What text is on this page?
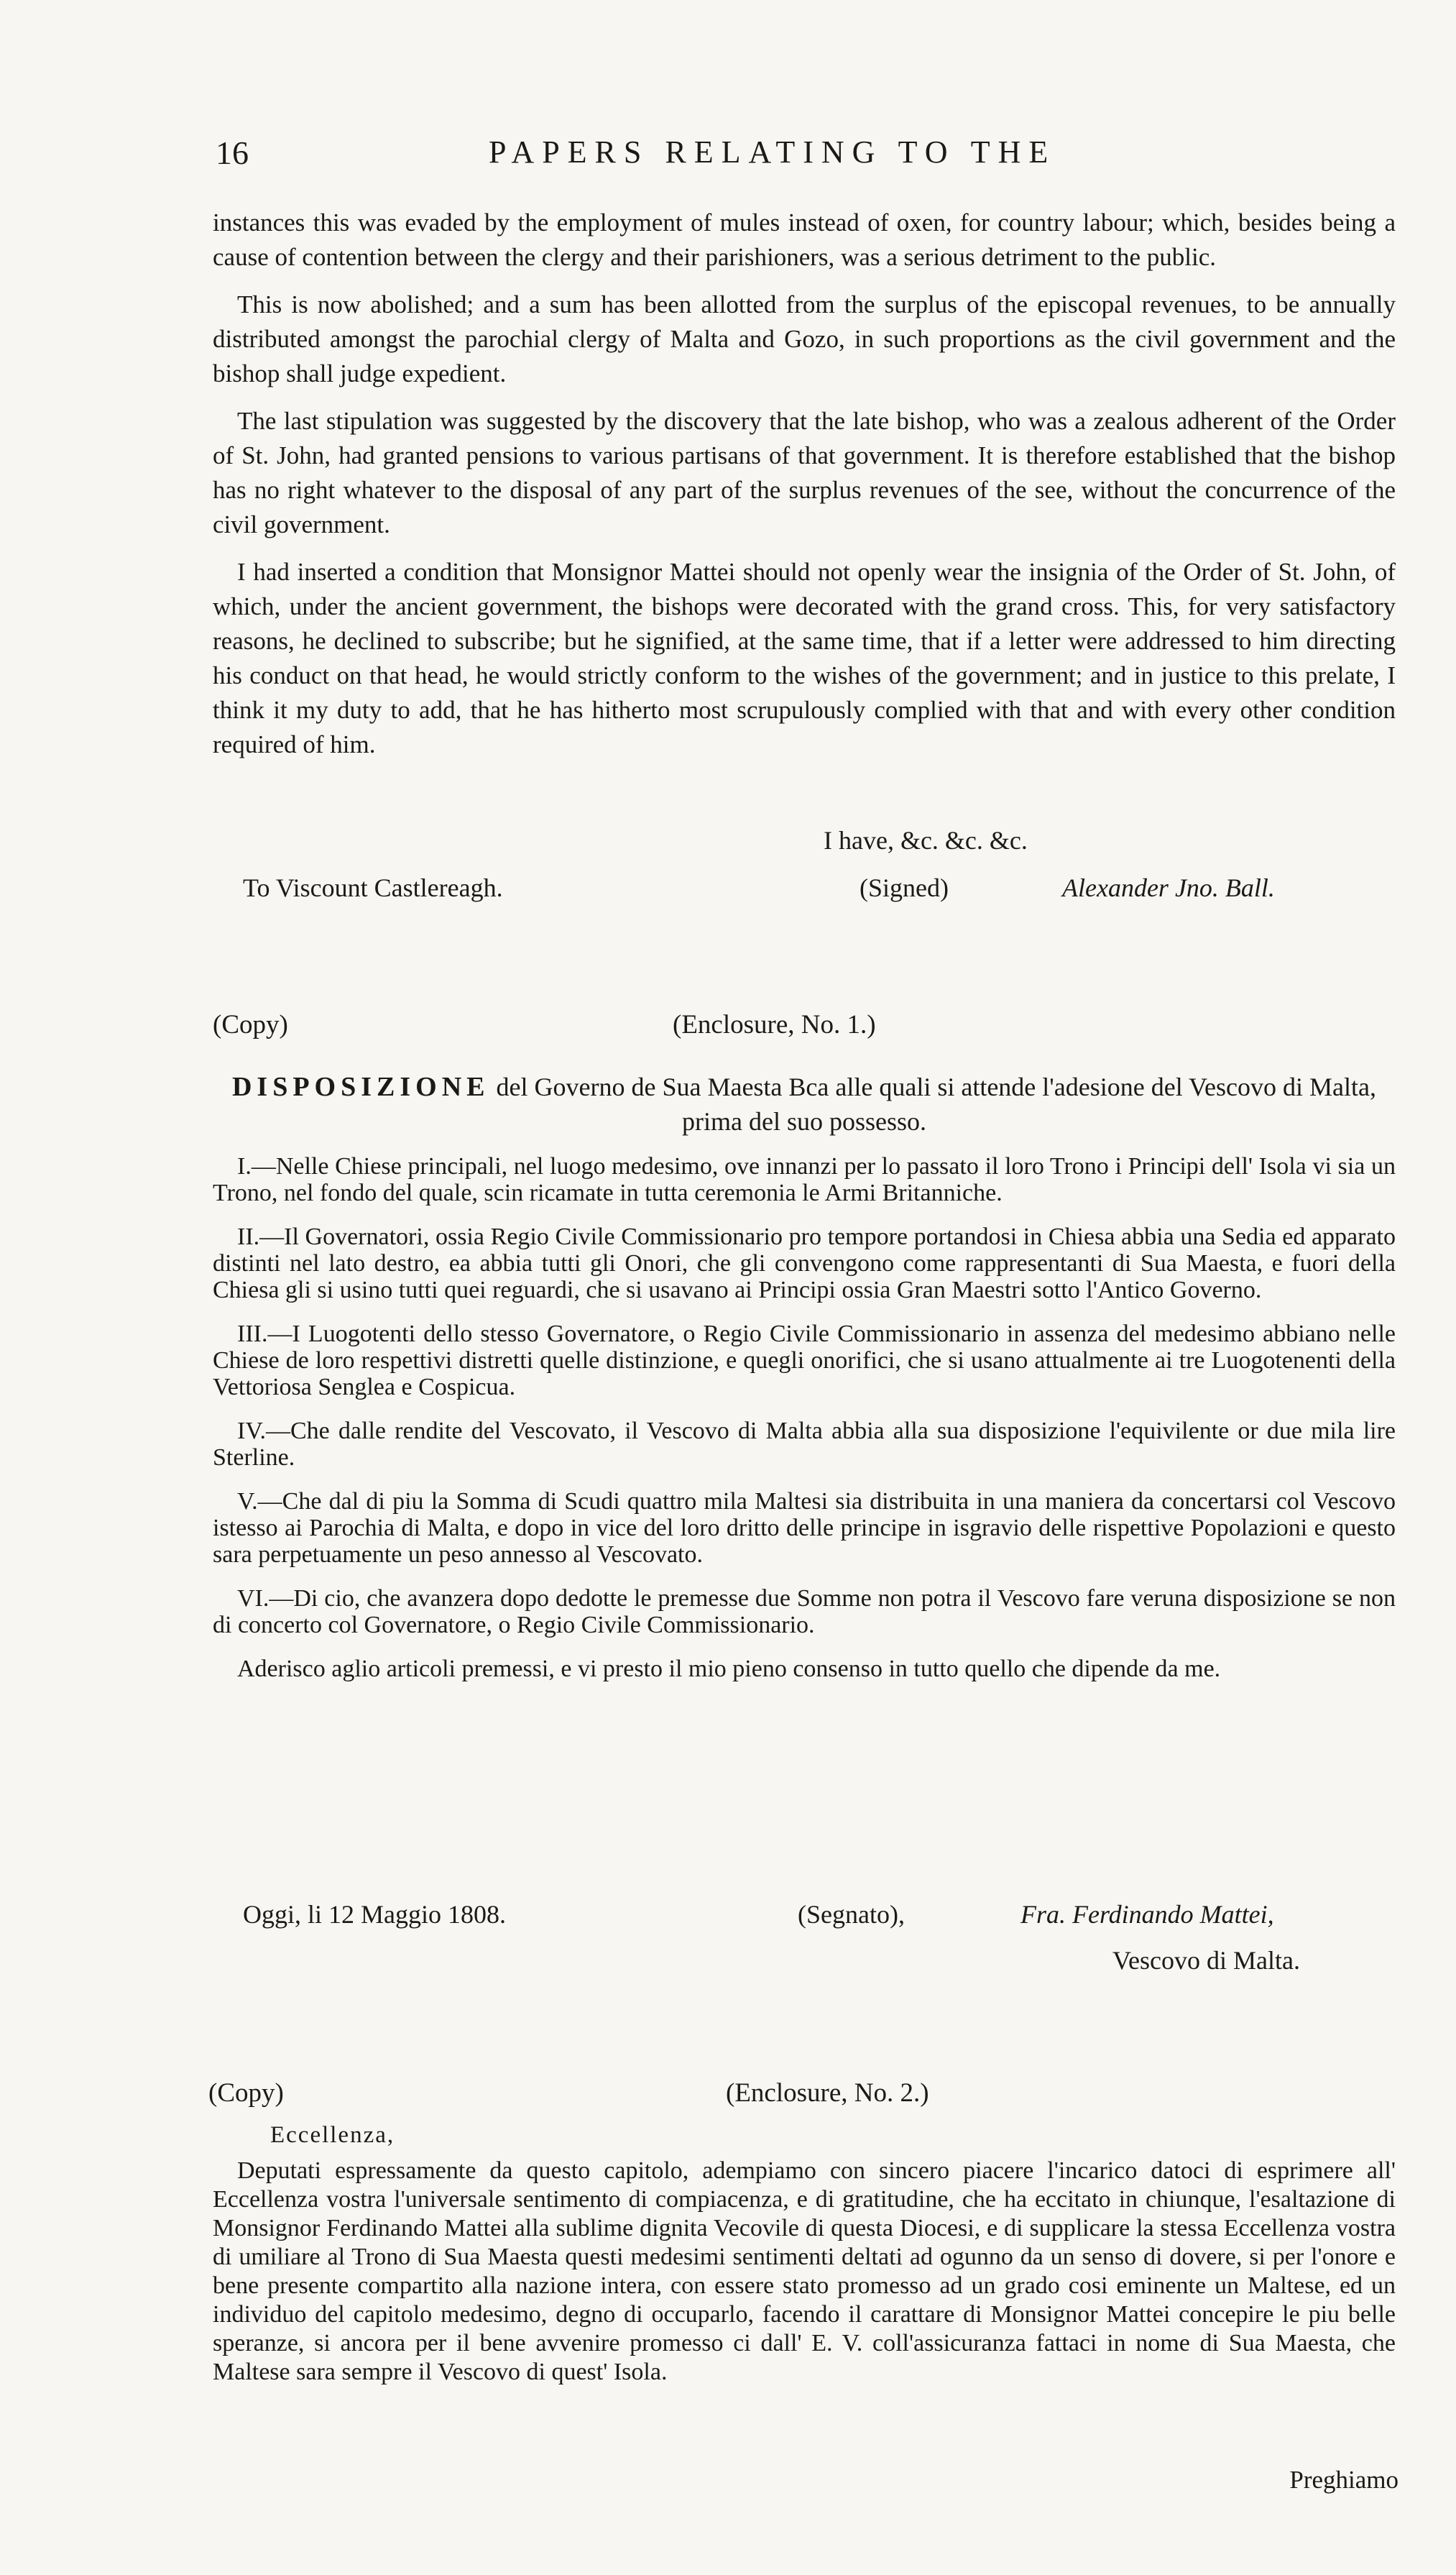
16	PAPERS RELATING TO THE

instances this was evaded by the employment of mules instead of oxen, for country labour; which, besides being a cause of contention between the clergy and their parishioners, was a serious detriment to the public.

This is now abolished; and a sum has been allotted from the surplus of the episcopal revenues, to be annually distributed amongst the parochial clergy of Malta and Gozo, in such proportions as the civil government and the bishop shall judge expedient.

The last stipulation was suggested by the discovery that the late bishop, who was a zealous adherent of the Order of St. John, had granted pensions to various partisans of that government. It is therefore established that the bishop has no right whatever to the disposal of any part of the surplus revenues of the see, without the concurrence of the civil government.

I had inserted a condition that Monsignor Mattei should not openly wear the insignia of the Order of St. John, of which, under the ancient government, the bishops were decorated with the grand cross. This, for very satisfactory reasons, he declined to subscribe; but he signified, at the same time, that if a letter were addressed to him directing his conduct on that head, he would strictly conform to the wishes of the government; and in justice to this prelate, I think it my duty to add, that he has hitherto most scrupulously complied with that and with every other condition required of him.

I have, &c. &c. &c.
To Viscount Castlereagh.	(Signed)	Alexander Jno. Ball.
(Copy)	(Enclosure, No. 1.)
DISPOSIZIONE del Governo de Sua Maesta Bca alle quali si attende l'adesione del Vescovo di Malta, prima del suo possesso.

I.—Nelle Chiese principali, nel luogo medesimo, ove innanzi per lo passato il loro Trono i Principi dell' Isola vi sia un Trono, nel fondo del quale, scin ricamate in tutta ceremonia le Armi Britanniche.

II.—Il Governatori, ossia Regio Civile Commissionario pro tempore portandosi in Chiesa abbia una Sedia ed apparato distinti nel lato destro, ea abbia tutti gli Onori, che gli convengono come rappresentanti di Sua Maesta, e fuori della Chiesa gli si usino tutti quei reguardi, che si usavano ai Principi ossia Gran Maestri sotto l'Antico Governo.

III.—I Luogotenti dello stesso Governatore, o Regio Civile Commissionario in assenza del medesimo abbiano nelle Chiese de loro respettivi distretti quelle distinzione, e quegli onorifici, che si usano attualmente ai tre Luogotenenti della Vettoriosa Senglea e Cospicua.

IV.—Che dalle rendite del Vescovato, il Vescovo di Malta abbia alla sua disposizione l'equivilente or due mila lire Sterline.

V.—Che dal di piu la Somma di Scudi quattro mila Maltesi sia distribuita in una maniera da concertarsi col Vescovo istesso ai Parochia di Malta, e dopo in vice del loro dritto delle principe in isgravio delle rispettive Popolazioni e questo sara perpetuamente un peso annesso al Vescovato.

VI.—Di cio, che avanzera dopo dedotte le premesse due Somme non potra il Vescovo fare veruna disposizione se non di concerto col Governatore, o Regio Civile Commissionario.

Aderisco aglio articoli premessi, e vi presto il mio pieno consenso in tutto quello che dipende da me.

Oggi, li 12 Maggio 1808.	(Segnato),	Fra. Ferdinando Mattei,
Vescovo di Malta.
(Copy)	(Enclosure, No. 2.)
Eccellenza,

Deputati espressamente da questo capitolo, adempiamo con sincero piacere l'incarico datoci di esprimere all' Eccellenza vostra l'universale sentimento di compiacenza, e di gratitudine, che ha eccitato in chiunque, l'esaltazione di Monsignor Ferdinando Mattei alla sublime dignita Vecovile di questa Diocesi, e di supplicare la stessa Eccellenza vostra di umiliare al Trono di Sua Maesta questi medesimi sentimenti deltati ad ogunno da un senso di dovere, si per l'onore e bene presente compartito alla nazione intera, con essere stato promesso ad un grado cosi eminente un Maltese, ed un individuo del capitolo medesimo, degno di occuparlo, facendo il carattare di Monsignor Mattei concepire le piu belle speranze, si ancora per il bene avvenire promesso ci dall' E. V. coll'assicuranza fattaci in nome di Sua Maesta, che Maltese sara sempre il Vescovo di quest' Isola.

Preghiamo
